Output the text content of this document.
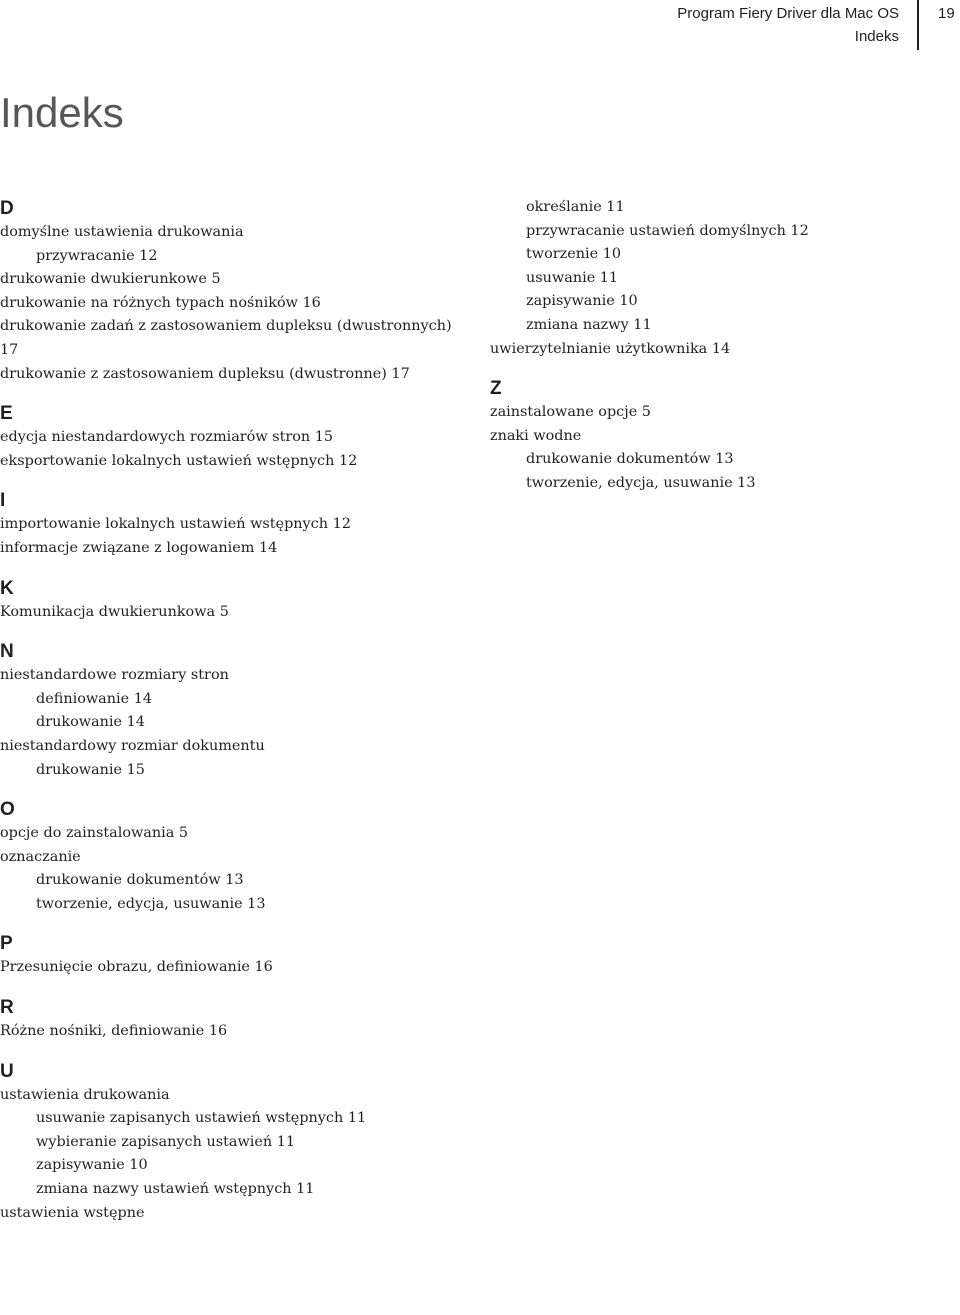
Program Fiery Driver dla Mac OS
Indeks
19
Indeks
D
domyślne ustawienia drukowania
przywracanie 12
drukowanie dwukierunkowe 5
drukowanie na różnych typach nośników 16
drukowanie zadań z zastosowaniem dupleksu (dwustronnych)
17
drukowanie z zastosowaniem dupleksu (dwustronne) 17
E
edycja niestandardowych rozmiarów stron 15
eksportowanie lokalnych ustawień wstępnych 12
I
importowanie lokalnych ustawień wstępnych 12
informacje związane z logowaniem 14
K
Komunikacja dwukierunkowa 5
N
niestandardowe rozmiary stron
definiowanie 14
drukowanie 14
niestandardowy rozmiar dokumentu
drukowanie 15
O
opcje do zainstalowania 5
oznaczanie
drukowanie dokumentów 13
tworzenie, edycja, usuwanie 13
P
Przesunięcie obrazu, definiowanie 16
R
Różne nośniki, definiowanie 16
U
ustawienia drukowania
usuwanie zapisanych ustawień wstępnych 11
wybieranie zapisanych ustawień 11
zapisywanie 10
zmiana nazwy ustawień wstępnych 11
ustawienia wstępne
określanie 11
przywracanie ustawień domyślnych 12
tworzenie 10
usuwanie 11
zapisywanie 10
zmiana nazwy 11
uwierzytelnianie użytkownika 14
Z
zainstalowane opcje 5
znaki wodne
drukowanie dokumentów 13
tworzenie, edycja, usuwanie 13
